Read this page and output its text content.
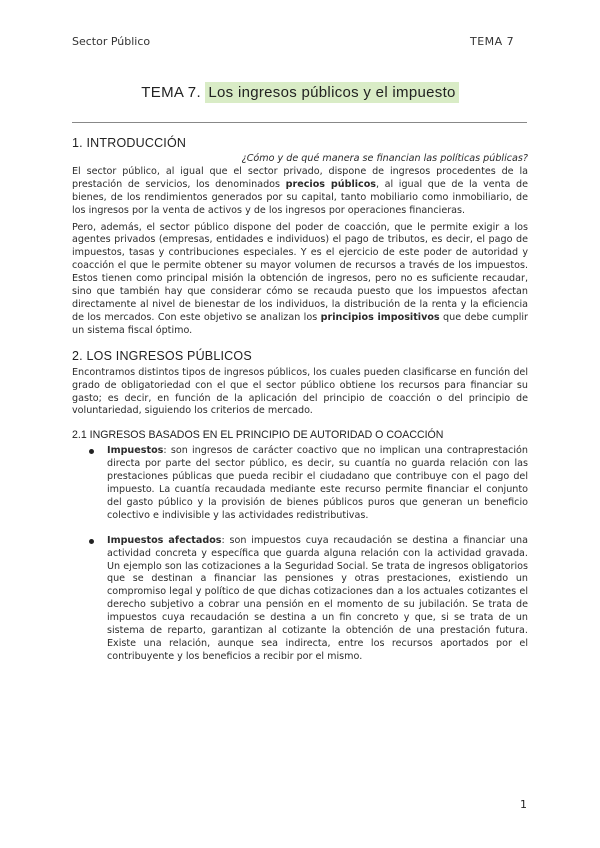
Sector Público	TEMA 7
TEMA 7. Los ingresos públicos y el impuesto
1. INTRODUCCIÓN
¿Cómo y de qué manera se financian las políticas públicas?

El sector público, al igual que el sector privado, dispone de ingresos procedentes de la prestación de servicios, los denominados precios públicos, al igual que de la venta de bienes, de los rendimientos generados por su capital, tanto mobiliario como inmobiliario, de los ingresos por la venta de activos y de los ingresos por operaciones financieras.

Pero, además, el sector público dispone del poder de coacción, que le permite exigir a los agentes privados (empresas, entidades e individuos) el pago de tributos, es decir, el pago de impuestos, tasas y contribuciones especiales. Y es el ejercicio de este poder de autoridad y coacción el que le permite obtener su mayor volumen de recursos a través de los impuestos. Estos tienen como principal misión la obtención de ingresos, pero no es suficiente recaudar, sino que también hay que considerar cómo se recauda puesto que los impuestos afectan directamente al nivel de bienestar de los individuos, la distribución de la renta y la eficiencia de los mercados. Con este objetivo se analizan los principios impositivos que debe cumplir un sistema fiscal óptimo.

2. LOS INGRESOS PÚBLICOS

Encontramos distintos tipos de ingresos públicos, los cuales pueden clasificarse en función del grado de obligatoriedad con el que el sector público obtiene los recursos para financiar su gasto; es decir, en función de la aplicación del principio de coacción o del principio de voluntariedad, siguiendo los criterios de mercado.

2.1 INGRESOS BASADOS EN EL PRINCIPIO DE AUTORIDAD O COACCIÓN

Impuestos: son ingresos de carácter coactivo que no implican una contraprestación directa por parte del sector público, es decir, su cuantía no guarda relación con las prestaciones públicas que pueda recibir el ciudadano que contribuye con el pago del impuesto. La cuantía recaudada mediante este recurso permite financiar el conjunto del gasto público y la provisión de bienes públicos puros que generan un beneficio colectivo e indivisible y las actividades redistributivas.

Impuestos afectados: son impuestos cuya recaudación se destina a financiar una actividad concreta y específica que guarda alguna relación con la actividad gravada. Un ejemplo son las cotizaciones a la Seguridad Social. Se trata de ingresos obligatorios que se destinan a financiar las pensiones y otras prestaciones, existiendo un compromiso legal y político de que dichas cotizaciones dan a los actuales cotizantes el derecho subjetivo a cobrar una pensión en el momento de su jubilación. Se trata de impuestos cuya recaudación se destina a un fin concreto y que, si se trata de un sistema de reparto, garantizan al cotizante la obtención de una prestación futura. Existe una relación, aunque sea indirecta, entre los recursos aportados por el contribuyente y los beneficios a recibir por el mismo.

1
